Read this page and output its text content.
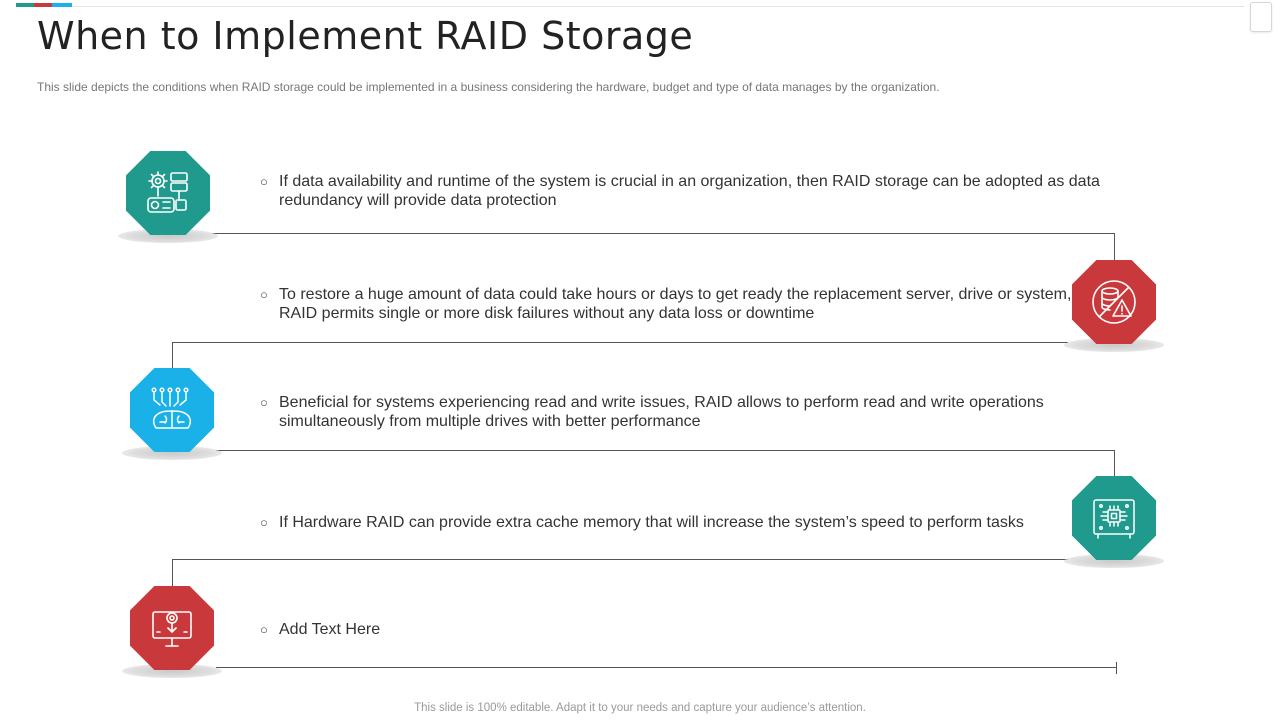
When to Implement RAID Storage
This slide depicts the conditions when RAID storage could be implemented in a business considering the hardware, budget and type of data manages by the organization.
○ If data availability and runtime of the system is crucial in an organization, then RAID storage can be adopted as data redundancy will provide data protection
○ To restore a huge amount of data could take hours or days to get ready the replacement server, drive or system, RAID permits single or more disk failures without any data loss or downtime
○ Beneficial for systems experiencing read and write issues, RAID allows to perform read and write operations simultaneously from multiple drives with better performance
○ If Hardware RAID can provide extra cache memory that will increase the system’s speed to perform tasks
○ Add Text Here
This slide is 100% editable. Adapt it to your needs and capture your audience’s attention.
